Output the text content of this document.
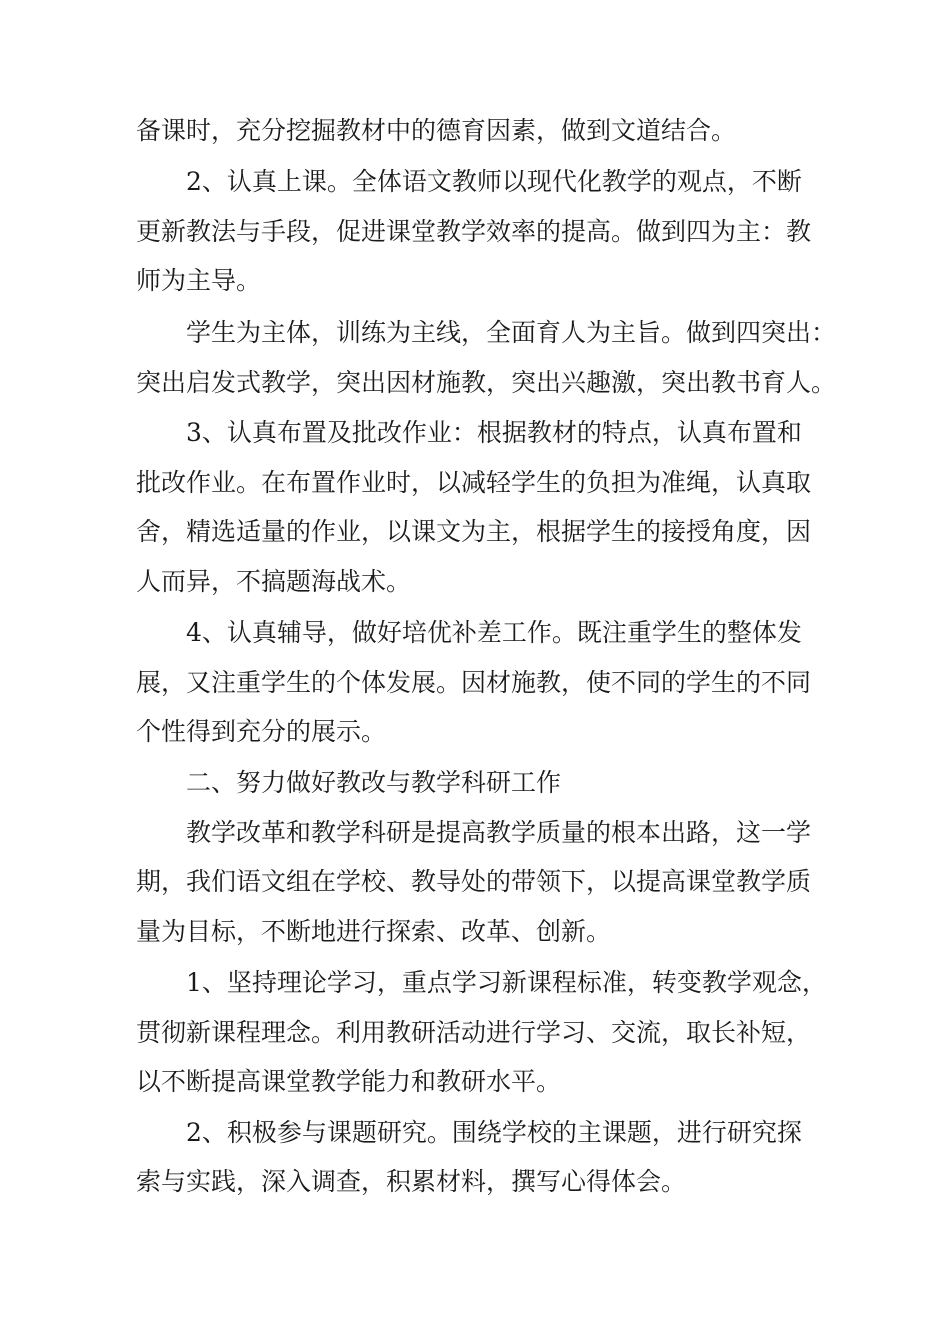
备课时，充分挖掘教材中的德育因素，做到文道结合。
2、认真上课。全体语文教师以现代化教学的观点，不断
更新教法与手段，促进课堂教学效率的提高。做到四为主：教
师为主导。
学生为主体，训练为主线，全面育人为主旨。做到四突出：
突出启发式教学，突出因材施教，突出兴趣激，突出教书育人。
3、认真布置及批改作业：根据教材的特点，认真布置和
批改作业。在布置作业时，以减轻学生的负担为准绳，认真取
舍，精选适量的作业，以课文为主，根据学生的接授角度，因
人而异，不搞题海战术。
4、认真辅导，做好培优补差工作。既注重学生的整体发
展，又注重学生的个体发展。因材施教，使不同的学生的不同
个性得到充分的展示。
二、努力做好教改与教学科研工作
教学改革和教学科研是提高教学质量的根本出路，这一学
期，我们语文组在学校、教导处的带领下，以提高课堂教学质
量为目标，不断地进行探索、改革、创新。
1、坚持理论学习，重点学习新课程标准，转变教学观念，
贯彻新课程理念。利用教研活动进行学习、交流，取长补短，
以不断提高课堂教学能力和教研水平。
2、积极参与课题研究。围绕学校的主课题，进行研究探
索与实践，深入调查，积累材料，撰写心得体会。
